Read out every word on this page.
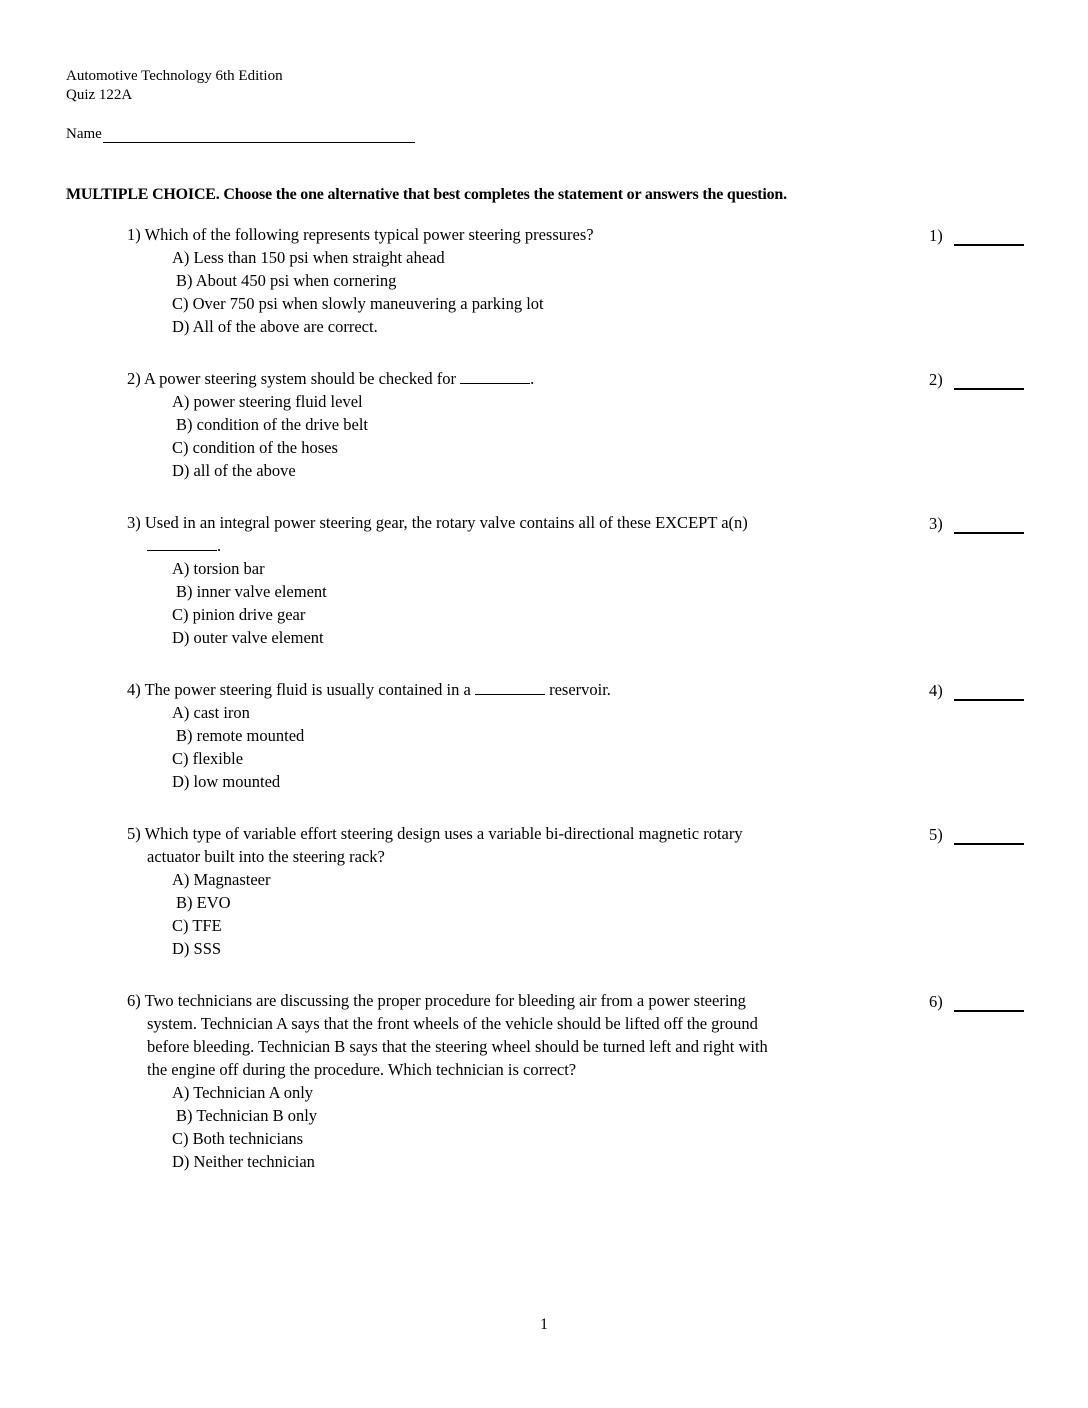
Automotive Technology 6th Edition
Quiz 122A
Name
MULTIPLE CHOICE. Choose the one alternative that best completes the statement or answers the question.

1) Which of the following represents typical power steering pressures?

A) Less than 150 psi when straight ahead
B) About 450 psi when cornering
C) Over 750 psi when slowly maneuvering a parking lot
D) All of the above are correct.
1)

2) A power steering system should be checked for	.

A) power steering fluid level
B) condition of the drive belt
C) condition of the hoses
D) all of the above
2)

3) Used in an integral power steering gear, the rotary valve contains all of these EXCEPT a(n)
.

A) torsion bar
B) inner valve element
C) pinion drive gear
D) outer valve element
3)

4) The power steering fluid is usually contained in a	reservoir.

A) cast iron
B) remote mounted
C) flexible
D) low mounted
4)

5) Which type of variable effort steering design uses a variable bi-directional magnetic rotary
actuator built into the steering rack?

A) Magnasteer
B) EVO
C) TFE
D) SSS
5)

6) Two technicians are discussing the proper procedure for bleeding air from a power steering
system. Technician A says that the front wheels of the vehicle should be lifted off the ground
before bleeding. Technician B says that the steering wheel should be turned left and right with
the engine off during the procedure. Which technician is correct?

A) Technician A only
B) Technician B only
C) Both technicians
D) Neither technician
6)
1
